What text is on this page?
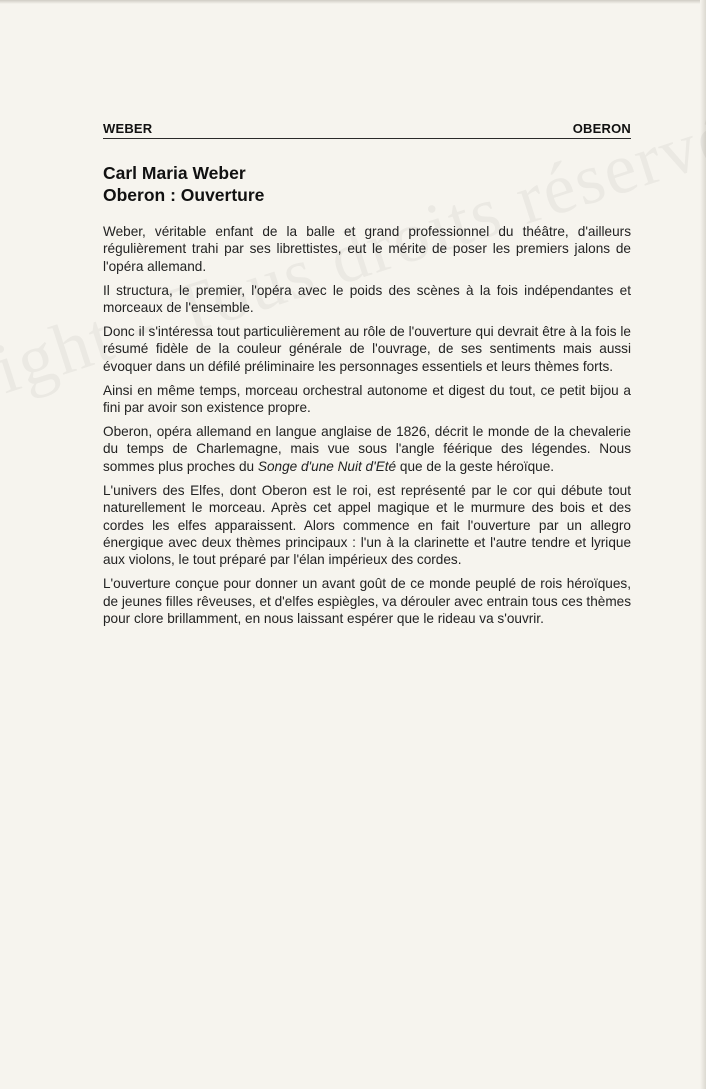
WEBER	OBERON
Carl Maria Weber
Oberon : Ouverture

Weber, véritable enfant de la balle et grand professionnel du théâtre, d'ailleurs régulièrement trahi par ses librettistes, eut le mérite de poser les premiers jalons de l'opéra allemand.

Il structura, le premier, l'opéra avec le poids des scènes à la fois indépendantes et morceaux de l'ensemble.

Donc il s'intéressa tout particulièrement au rôle de l'ouverture qui devrait être à la fois le résumé fidèle de la couleur générale de l'ouvrage, de ses sentiments mais aussi évoquer dans un défilé préliminaire les personnages essentiels et leurs thèmes forts.

Ainsi en même temps, morceau orchestral autonome et digest du tout, ce petit bijou a fini par avoir son existence propre.

Oberon, opéra allemand en langue anglaise de 1826, décrit le monde de la chevalerie du temps de Charlemagne, mais vue sous l'angle féérique des légendes. Nous sommes plus proches du Songe d'une Nuit d'Eté que de la geste héroïque.

L'univers des Elfes, dont Oberon est le roi, est représenté par le cor qui débute tout naturellement le morceau. Après cet appel magique et le murmure des bois et des cordes les elfes apparaissent. Alors commence en fait l'ouverture par un allegro énergique avec deux thèmes principaux : l'un à la clarinette et l'autre tendre et lyrique aux violons, le tout préparé par l'élan impérieux des cordes.

L'ouverture conçue pour donner un avant goût de ce monde peuplé de rois héroïques, de jeunes filles rêveuses, et d'elfes espiègles, va dérouler avec entrain tous ces thèmes pour clore brillamment, en nous laissant espérer que le rideau va s'ouvrir.
